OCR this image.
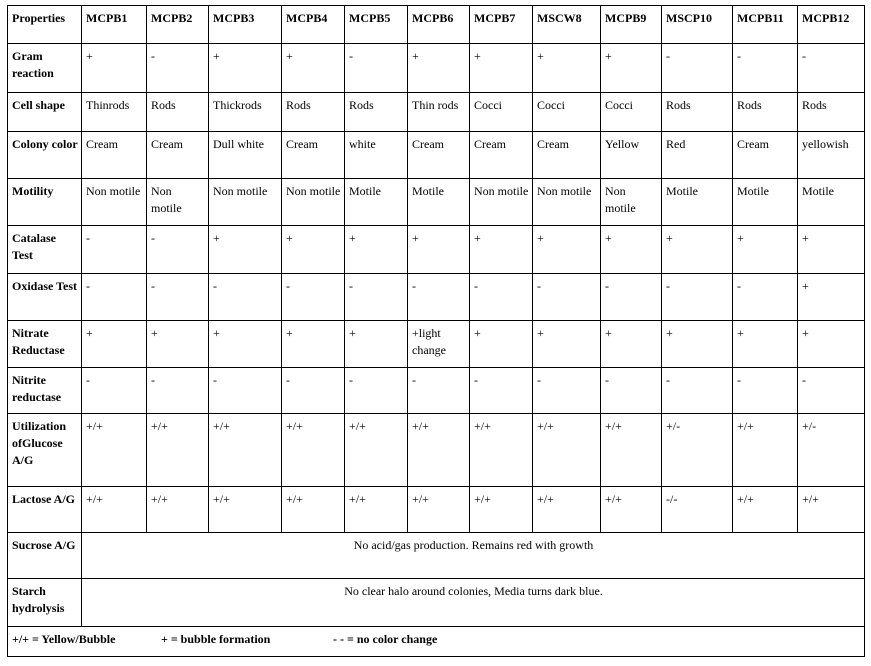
Properties	MCPB1	MCPB2	MCPB3	MCPB4	MCPB5	MCPB6	MCPB7	MSCW8	MCPB9	MSCP10	MCPB11	MCPB12
Gram reaction	+	-	+	+	-	+	+	+	+	-	-	-
Cell shape	Thinrods	Rods	Thickrods	Rods	Rods	Thin rods	Cocci	Cocci	Cocci	Rods	Rods	Rods
Colony color	Cream	Cream	Dull white	Cream	white	Cream	Cream	Cream	Yellow	Red	Cream	yellowish
Motility	Non motile	Non motile	Non motile	Non motile	Motile	Motile	Non motile	Non motile	Non motile	Motile	Motile	Motile
Catalase Test	-	-	+	+	+	+	+	+	+	+	+	+
Oxidase Test	-	-	-	-	-	-	-	-	-	-	-	+
Nitrate Reductase	+	+	+	+	+	+light change	+	+	+	+	+	+
Nitrite reductase	-	-	-	-	-	-	-	-	-	-	-	-
Utilization ofGlucose A/G	+/+	+/+	+/+	+/+	+/+	+/+	+/+	+/+	+/+	+/-	+/+	+/-
Lactose A/G	+/+	+/+	+/+	+/+	+/+	+/+	+/+	+/+	+/+	-/-	+/+	+/+
Sucrose A/G	No acid/gas production. Remains red with growth											
Starch hydrolysis	No clear halo around colonies, Media turns dark blue.											
+/+ = Yellow/Bubble + = bubble formation - - = no color change												
